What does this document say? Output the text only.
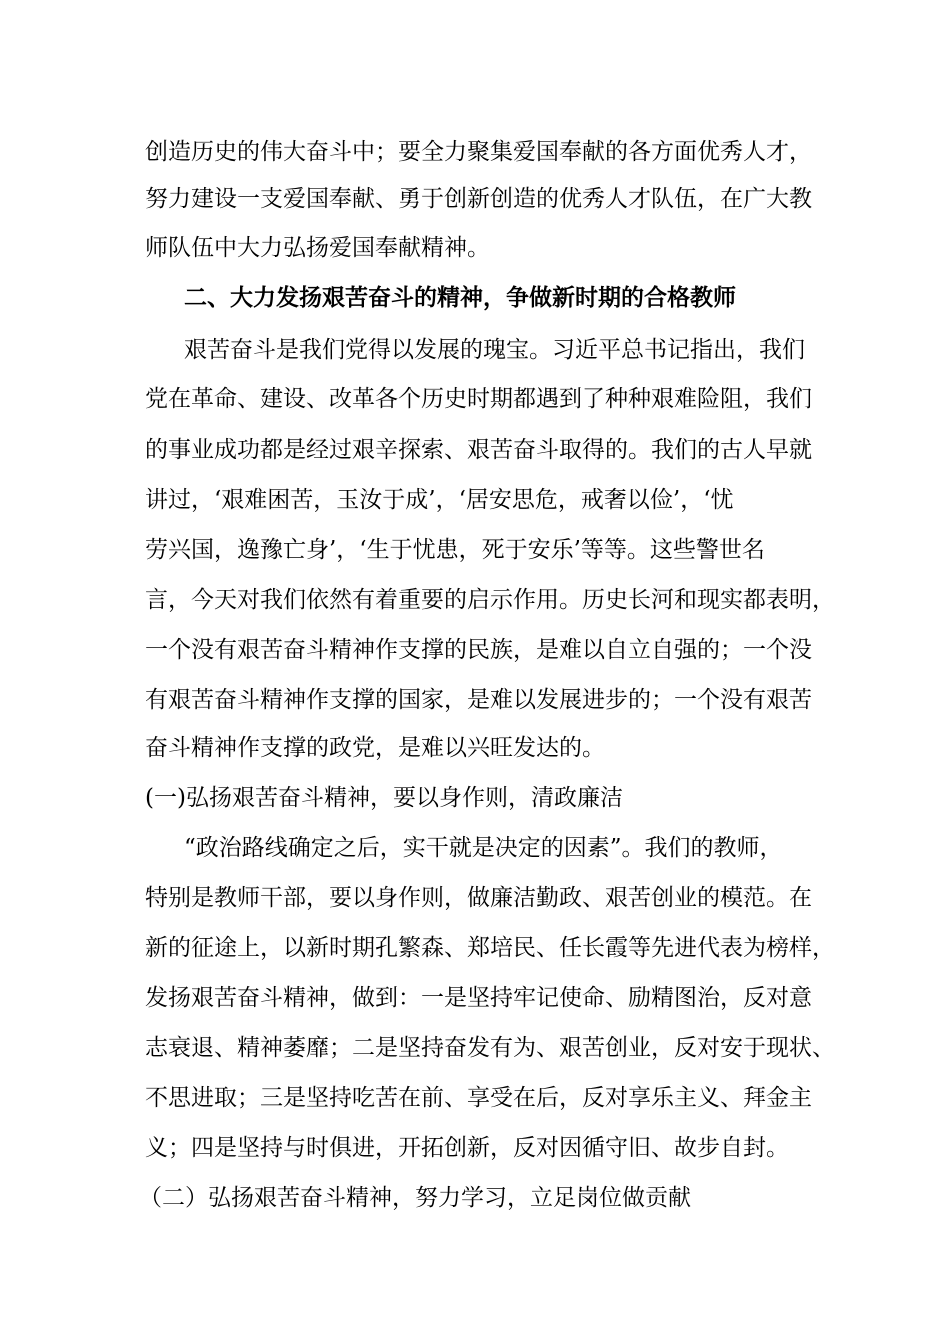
创造历史的伟大奋斗中；要全力聚集爱国奉献的各方面优秀人才，
努力建设一支爱国奉献、勇于创新创造的优秀人才队伍，在广大教
师队伍中大力弘扬爱国奉献精神。
二、大力发扬艰苦奋斗的精神，争做新时期的合格教师
艰苦奋斗是我们党得以发展的瑰宝。习近平总书记指出，我们
党在革命、建设、改革各个历史时期都遇到了种种艰难险阻，我们
的事业成功都是经过艰辛探索、艰苦奋斗取得的。我们的古人早就
讲过，‘艰难困苦，玉汝于成’，‘居安思危，戒奢以俭’，‘忧
劳兴国，逸豫亡身’，‘生于忧患，死于安乐’等等。这些警世名
言，今天对我们依然有着重要的启示作用。历史长河和现实都表明，
一个没有艰苦奋斗精神作支撑的民族，是难以自立自强的；一个没
有艰苦奋斗精神作支撑的国家，是难以发展进步的；一个没有艰苦
奋斗精神作支撑的政党，是难以兴旺发达的。
(一)弘扬艰苦奋斗精神，要以身作则，清政廉洁
“政治路线确定之后，实干就是决定的因素”。我们的教师，
特别是教师干部，要以身作则，做廉洁勤政、艰苦创业的模范。在
新的征途上，以新时期孔繁森、郑培民、任长霞等先进代表为榜样，
发扬艰苦奋斗精神，做到：一是坚持牢记使命、励精图治，反对意
志衰退、精神萎靡；二是坚持奋发有为、艰苦创业，反对安于现状、
不思进取；三是坚持吃苦在前、享受在后，反对享乐主义、拜金主
义；四是坚持与时俱进，开拓创新，反对因循守旧、故步自封。
（二）弘扬艰苦奋斗精神，努力学习，立足岗位做贡献
